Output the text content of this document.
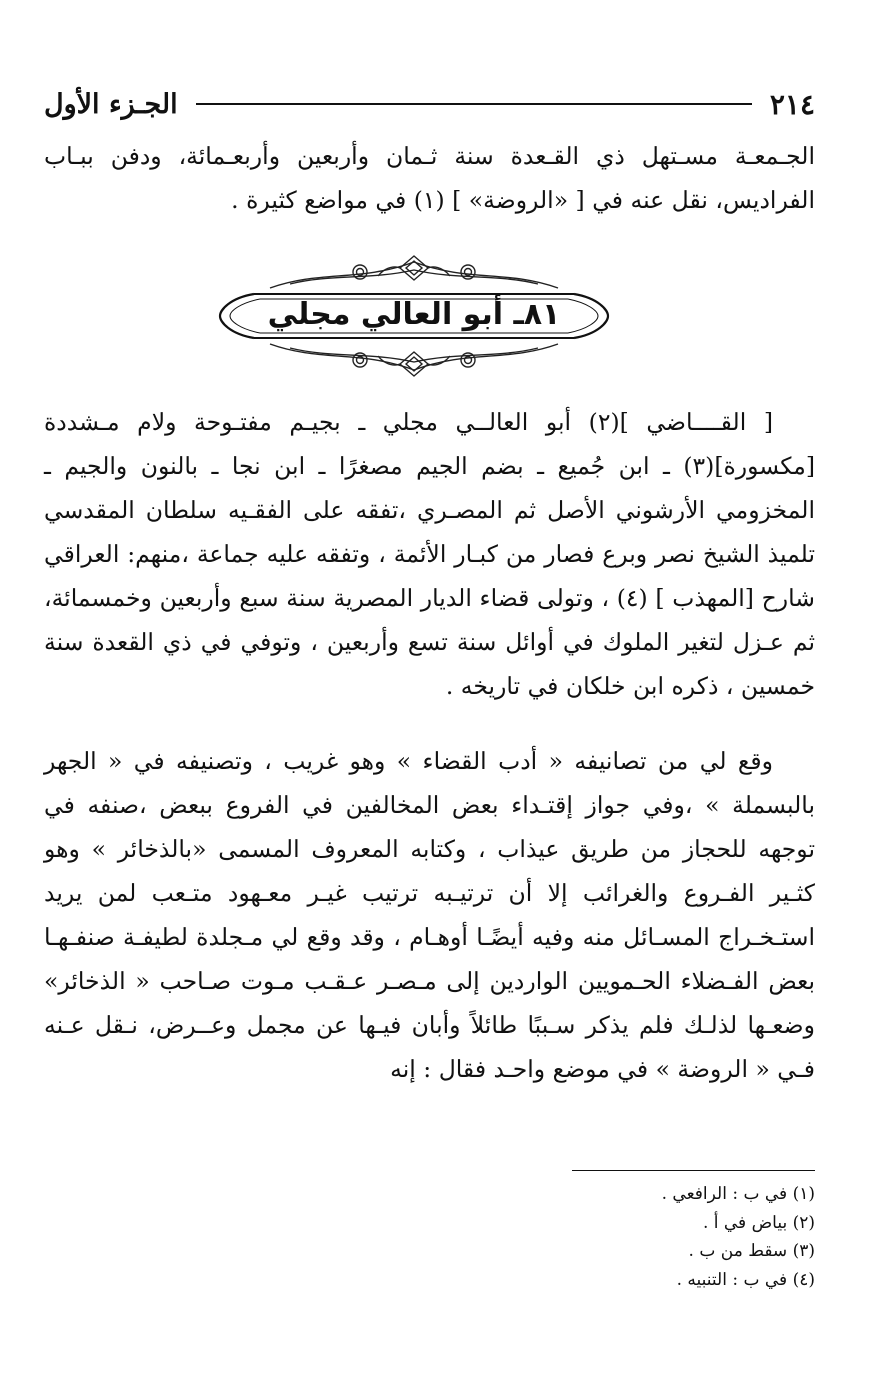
٢١٤
الجـزء الأول

الجـمعـة مسـتهل ذي القـعدة سنة ثـمان وأربعين وأربعـمائة، ودفن ببـاب الفراديس، نقل عنه في [ «الروضة» ] (١) في مواضع كثيرة .

٨١ـ أبو العالي مجلي

[ القــــاضي ](٢) أبو العالــي مجلي ـ بجيـم مفتـوحة ولام مـشددة [مكسورة](٣) ـ ابن جُميع ـ بضم الجيم مصغرًا ـ ابن نجا ـ بالنون والجيم ـ المخزومي الأرشوني الأصل ثم المصـري ،تفقه على الفقـيه سلطان المقدسي تلميذ الشيخ نصر وبرع فصار من كبـار الأئمة ، وتفقه عليه جماعة ،منهم: العراقي شارح [المهذب ] (٤) ، وتولى قضاء الديار المصرية سنة سبع وأربعين وخمسمائة، ثم عـزل لتغير الملوك في أوائل سنة تسع وأربعين ، وتوفي في ذي القعدة سنة خمسين ، ذكره ابن خلكان في تاريخه .

وقع لي من تصانيفه « أدب القضاء » وهو غريب ، وتصنيفه في « الجهر بالبسملة » ،وفي جواز إقتـداء بعض المخالفين في الفروع ببعض ،صنفه في توجهه للحجاز من طريق عيذاب ، وكتابه المعروف المسمى «بالذخائر » وهو كثـير الفـروع والغرائب إلا أن ترتيـبه ترتيب غيـر معـهود متـعب لمن يريد استـخـراج المسـائل منه وفيه أيضًـا أوهـام ، وقد وقع لي مـجلدة لطيفـة صنفـهـا بعض الفـضلاء الحـمويين الواردين إلى مـصـر عـقـب مـوت صـاحب « الذخائر» وضعـها لذلـك فلم يذكر سـببًا طائلاً وأبان فيـها عن مجمل وعــرض، نـقل عـنه فـي « الروضة » في موضع واحـد فقال : إنه

(١) في ب : الرافعي .
(٢) بياض في أ .
(٣) سقط من ب .
(٤) في ب : التنبيه .
